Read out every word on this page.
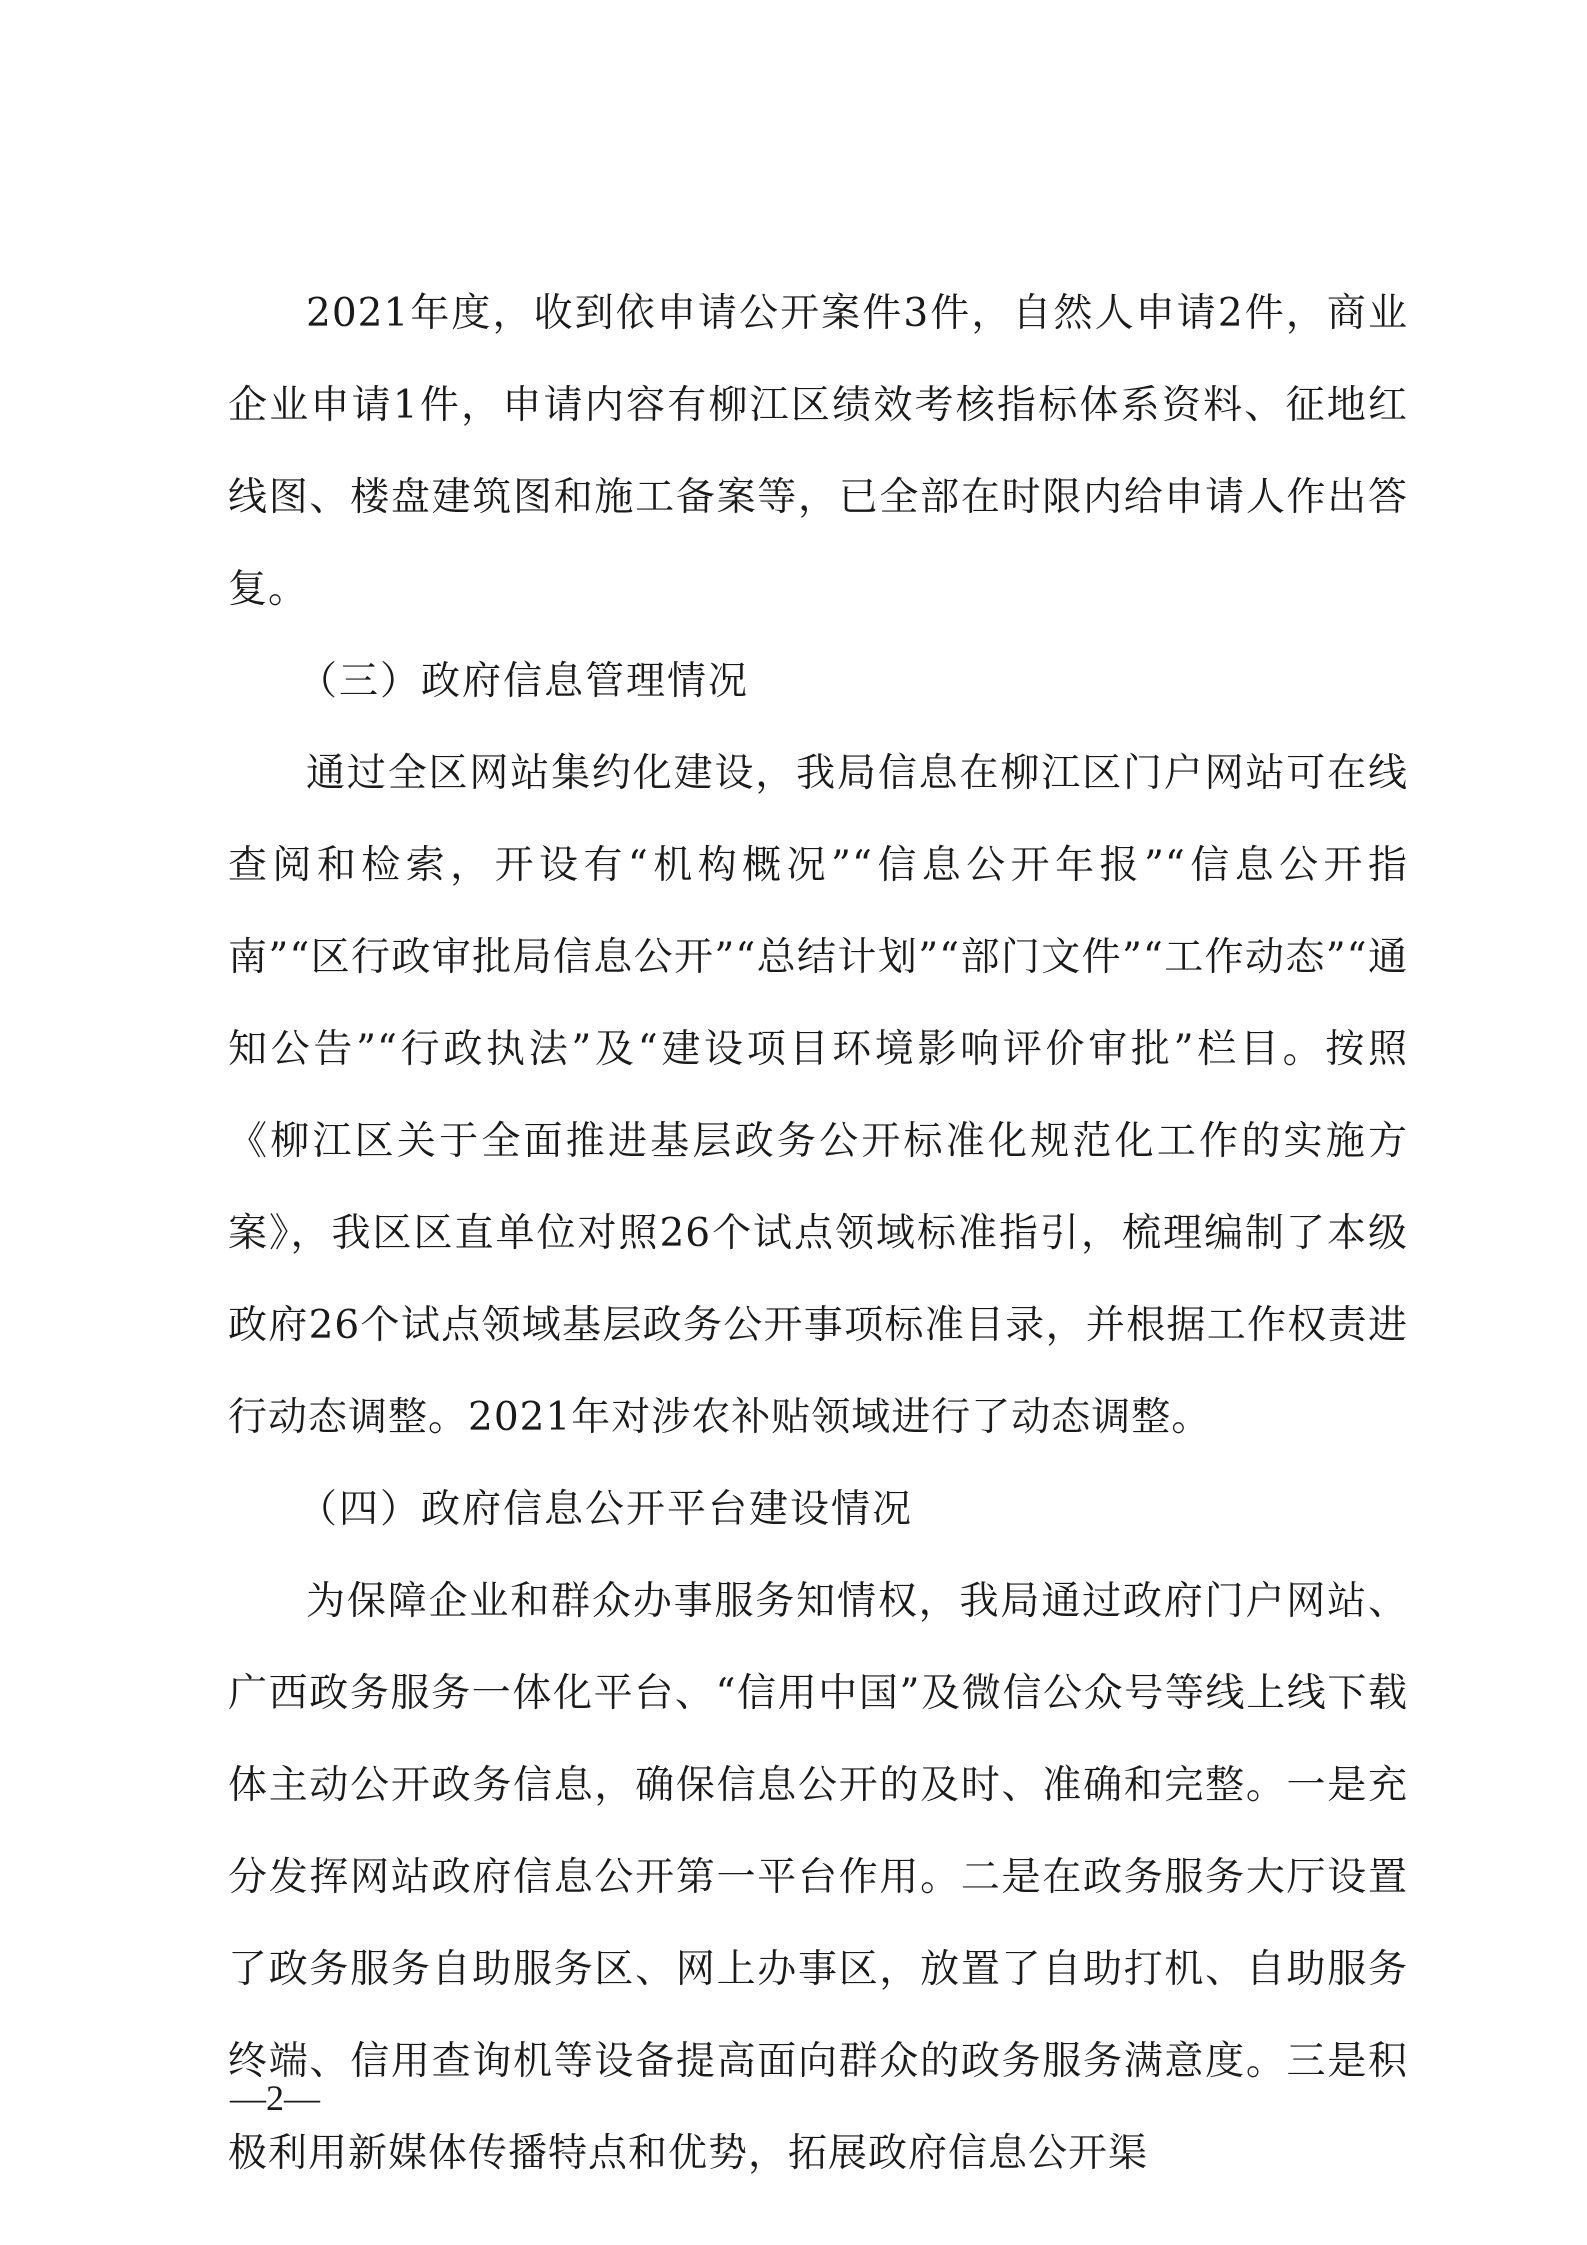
2021年度，收到依申请公开案件3件，自然人申请2件，商业企业申请1件，申请内容有柳江区绩效考核指标体系资料、征地红线图、楼盘建筑图和施工备案等，已全部在时限内给申请人作出答复。

（三）政府信息管理情况

通过全区网站集约化建设，我局信息在柳江区门户网站可在线查阅和检索，开设有“机构概况”“信息公开年报”“信息公开指南”“区行政审批局信息公开”“总结计划”“部门文件”“工作动态”“通知公告”“行政执法”及“建设项目环境影响评价审批”栏目。按照《柳江区关于全面推进基层政务公开标准化规范化工作的实施方案》，我区区直单位对照26个试点领域标准指引，梳理编制了本级政府26个试点领域基层政务公开事项标准目录，并根据工作权责进行动态调整。2021年对涉农补贴领域进行了动态调整。

（四）政府信息公开平台建设情况

为保障企业和群众办事服务知情权，我局通过政府门户网站、广西政务服务一体化平台、“信用中国”及微信公众号等线上线下载体主动公开政务信息，确保信息公开的及时、准确和完整。一是充分发挥网站政府信息公开第一平台作用。二是在政务服务大厅设置了政务服务自助服务区、网上办事区，放置了自助打机、自助服务终端、信用查询机等设备提高面向群众的政务服务满意度。三是积极利用新媒体传播特点和优势，拓展政府信息公开渠

—2—
